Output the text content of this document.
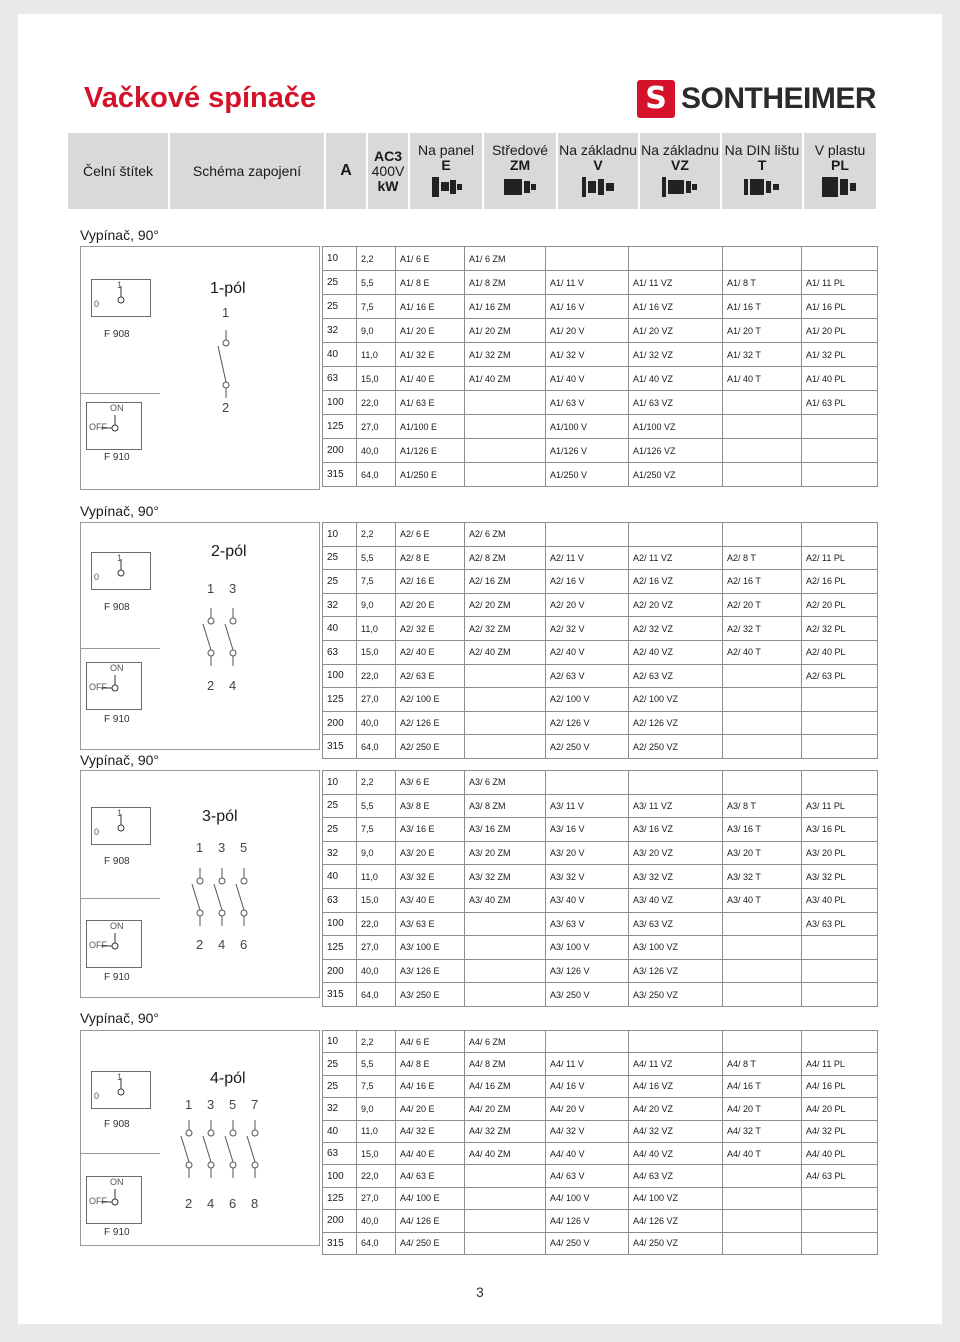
Vačkové spínače	S SONTHEIMER
Čelní štítek	Schéma zapojení	A	
AC3
400V
kW

Na panel
E

Středové
ZM

Na základnu
V

Na základnu
VZ

Na DIN lištu
T

V plastu
PL
Vypínač, 90°
1
0
F 908
ON
OFF
F 910
1-pól
1
2
10	2,2	A1/ 6 E	A1/ 6 ZM				
25	5,5	A1/ 8 E	A1/ 8 ZM	A1/ 11 V	A1/ 11 VZ	A1/ 8 T	A1/ 11 PL
25	7,5	A1/ 16 E	A1/ 16 ZM	A1/ 16 V	A1/ 16 VZ	A1/ 16 T	A1/ 16 PL
32	9,0	A1/ 20 E	A1/ 20 ZM	A1/ 20 V	A1/ 20 VZ	A1/ 20 T	A1/ 20 PL
40	11,0	A1/ 32 E	A1/ 32 ZM	A1/ 32 V	A1/ 32 VZ	A1/ 32 T	A1/ 32 PL
63	15,0	A1/ 40 E	A1/ 40 ZM	A1/ 40 V	A1/ 40 VZ	A1/ 40 T	A1/ 40 PL
100	22,0	A1/ 63 E		A1/ 63 V	A1/ 63 VZ		A1/ 63 PL
125	27,0	A1/100 E		A1/100 V	A1/100 VZ		
200	40,0	A1/126 E		A1/126 V	A1/126 VZ		
315	64,0	A1/250 E		A1/250 V	A1/250 VZ		
Vypínač, 90°
1
0
F 908
ON
OFF
F 910
2-pól
1
2
3
4
10	2,2	A2/ 6 E	A2/ 6 ZM				
25	5,5	A2/ 8 E	A2/ 8 ZM	A2/ 11 V	A2/ 11 VZ	A2/ 8 T	A2/ 11 PL
25	7,5	A2/ 16 E	A2/ 16 ZM	A2/ 16 V	A2/ 16 VZ	A2/ 16 T	A2/ 16 PL
32	9,0	A2/ 20 E	A2/ 20 ZM	A2/ 20 V	A2/ 20 VZ	A2/ 20 T	A2/ 20 PL
40	11,0	A2/ 32 E	A2/ 32 ZM	A2/ 32 V	A2/ 32 VZ	A2/ 32 T	A2/ 32 PL
63	15,0	A2/ 40 E	A2/ 40 ZM	A2/ 40 V	A2/ 40 VZ	A2/ 40 T	A2/ 40 PL
100	22,0	A2/ 63 E		A2/ 63 V	A2/ 63 VZ		A2/ 63 PL
125	27,0	A2/ 100 E		A2/ 100 V	A2/ 100 VZ		
200	40,0	A2/ 126 E		A2/ 126 V	A2/ 126 VZ		
315	64,0	A2/ 250 E		A2/ 250 V	A2/ 250 VZ		
Vypínač, 90°
1
0
F 908
ON
OFF
F 910
3-pól
1
2
3
4
5
6
10	2,2	A3/ 6 E	A3/ 6 ZM				
25	5,5	A3/ 8 E	A3/ 8 ZM	A3/ 11 V	A3/ 11 VZ	A3/ 8 T	A3/ 11 PL
25	7,5	A3/ 16 E	A3/ 16 ZM	A3/ 16 V	A3/ 16 VZ	A3/ 16 T	A3/ 16 PL
32	9,0	A3/ 20 E	A3/ 20 ZM	A3/ 20 V	A3/ 20 VZ	A3/ 20 T	A3/ 20 PL
40	11,0	A3/ 32 E	A3/ 32 ZM	A3/ 32 V	A3/ 32 VZ	A3/ 32 T	A3/ 32 PL
63	15,0	A3/ 40 E	A3/ 40 ZM	A3/ 40 V	A3/ 40 VZ	A3/ 40 T	A3/ 40 PL
100	22,0	A3/ 63 E		A3/ 63 V	A3/ 63 VZ		A3/ 63 PL
125	27,0	A3/ 100 E		A3/ 100 V	A3/ 100 VZ		
200	40,0	A3/ 126 E		A3/ 126 V	A3/ 126 VZ		
315	64,0	A3/ 250 E		A3/ 250 V	A3/ 250 VZ		
Vypínač, 90°
1
0
F 908
ON
OFF
F 910
4-pól
1
2
3
4
5
6
7
8
10	2,2	A4/ 6 E	A4/ 6 ZM				
25	5,5	A4/ 8 E	A4/ 8 ZM	A4/ 11 V	A4/ 11 VZ	A4/ 8 T	A4/ 11 PL
25	7,5	A4/ 16 E	A4/ 16 ZM	A4/ 16 V	A4/ 16 VZ	A4/ 16 T	A4/ 16 PL
32	9,0	A4/ 20 E	A4/ 20 ZM	A4/ 20 V	A4/ 20 VZ	A4/ 20 T	A4/ 20 PL
40	11,0	A4/ 32 E	A4/ 32 ZM	A4/ 32 V	A4/ 32 VZ	A4/ 32 T	A4/ 32 PL
63	15,0	A4/ 40 E	A4/ 40 ZM	A4/ 40 V	A4/ 40 VZ	A4/ 40 T	A4/ 40 PL
100	22,0	A4/ 63 E		A4/ 63 V	A4/ 63 VZ		A4/ 63 PL
125	27,0	A4/ 100 E		A4/ 100 V	A4/ 100 VZ		
200	40,0	A4/ 126 E		A4/ 126 V	A4/ 126 VZ		
315	64,0	A4/ 250 E		A4/ 250 V	A4/ 250 VZ		
3
